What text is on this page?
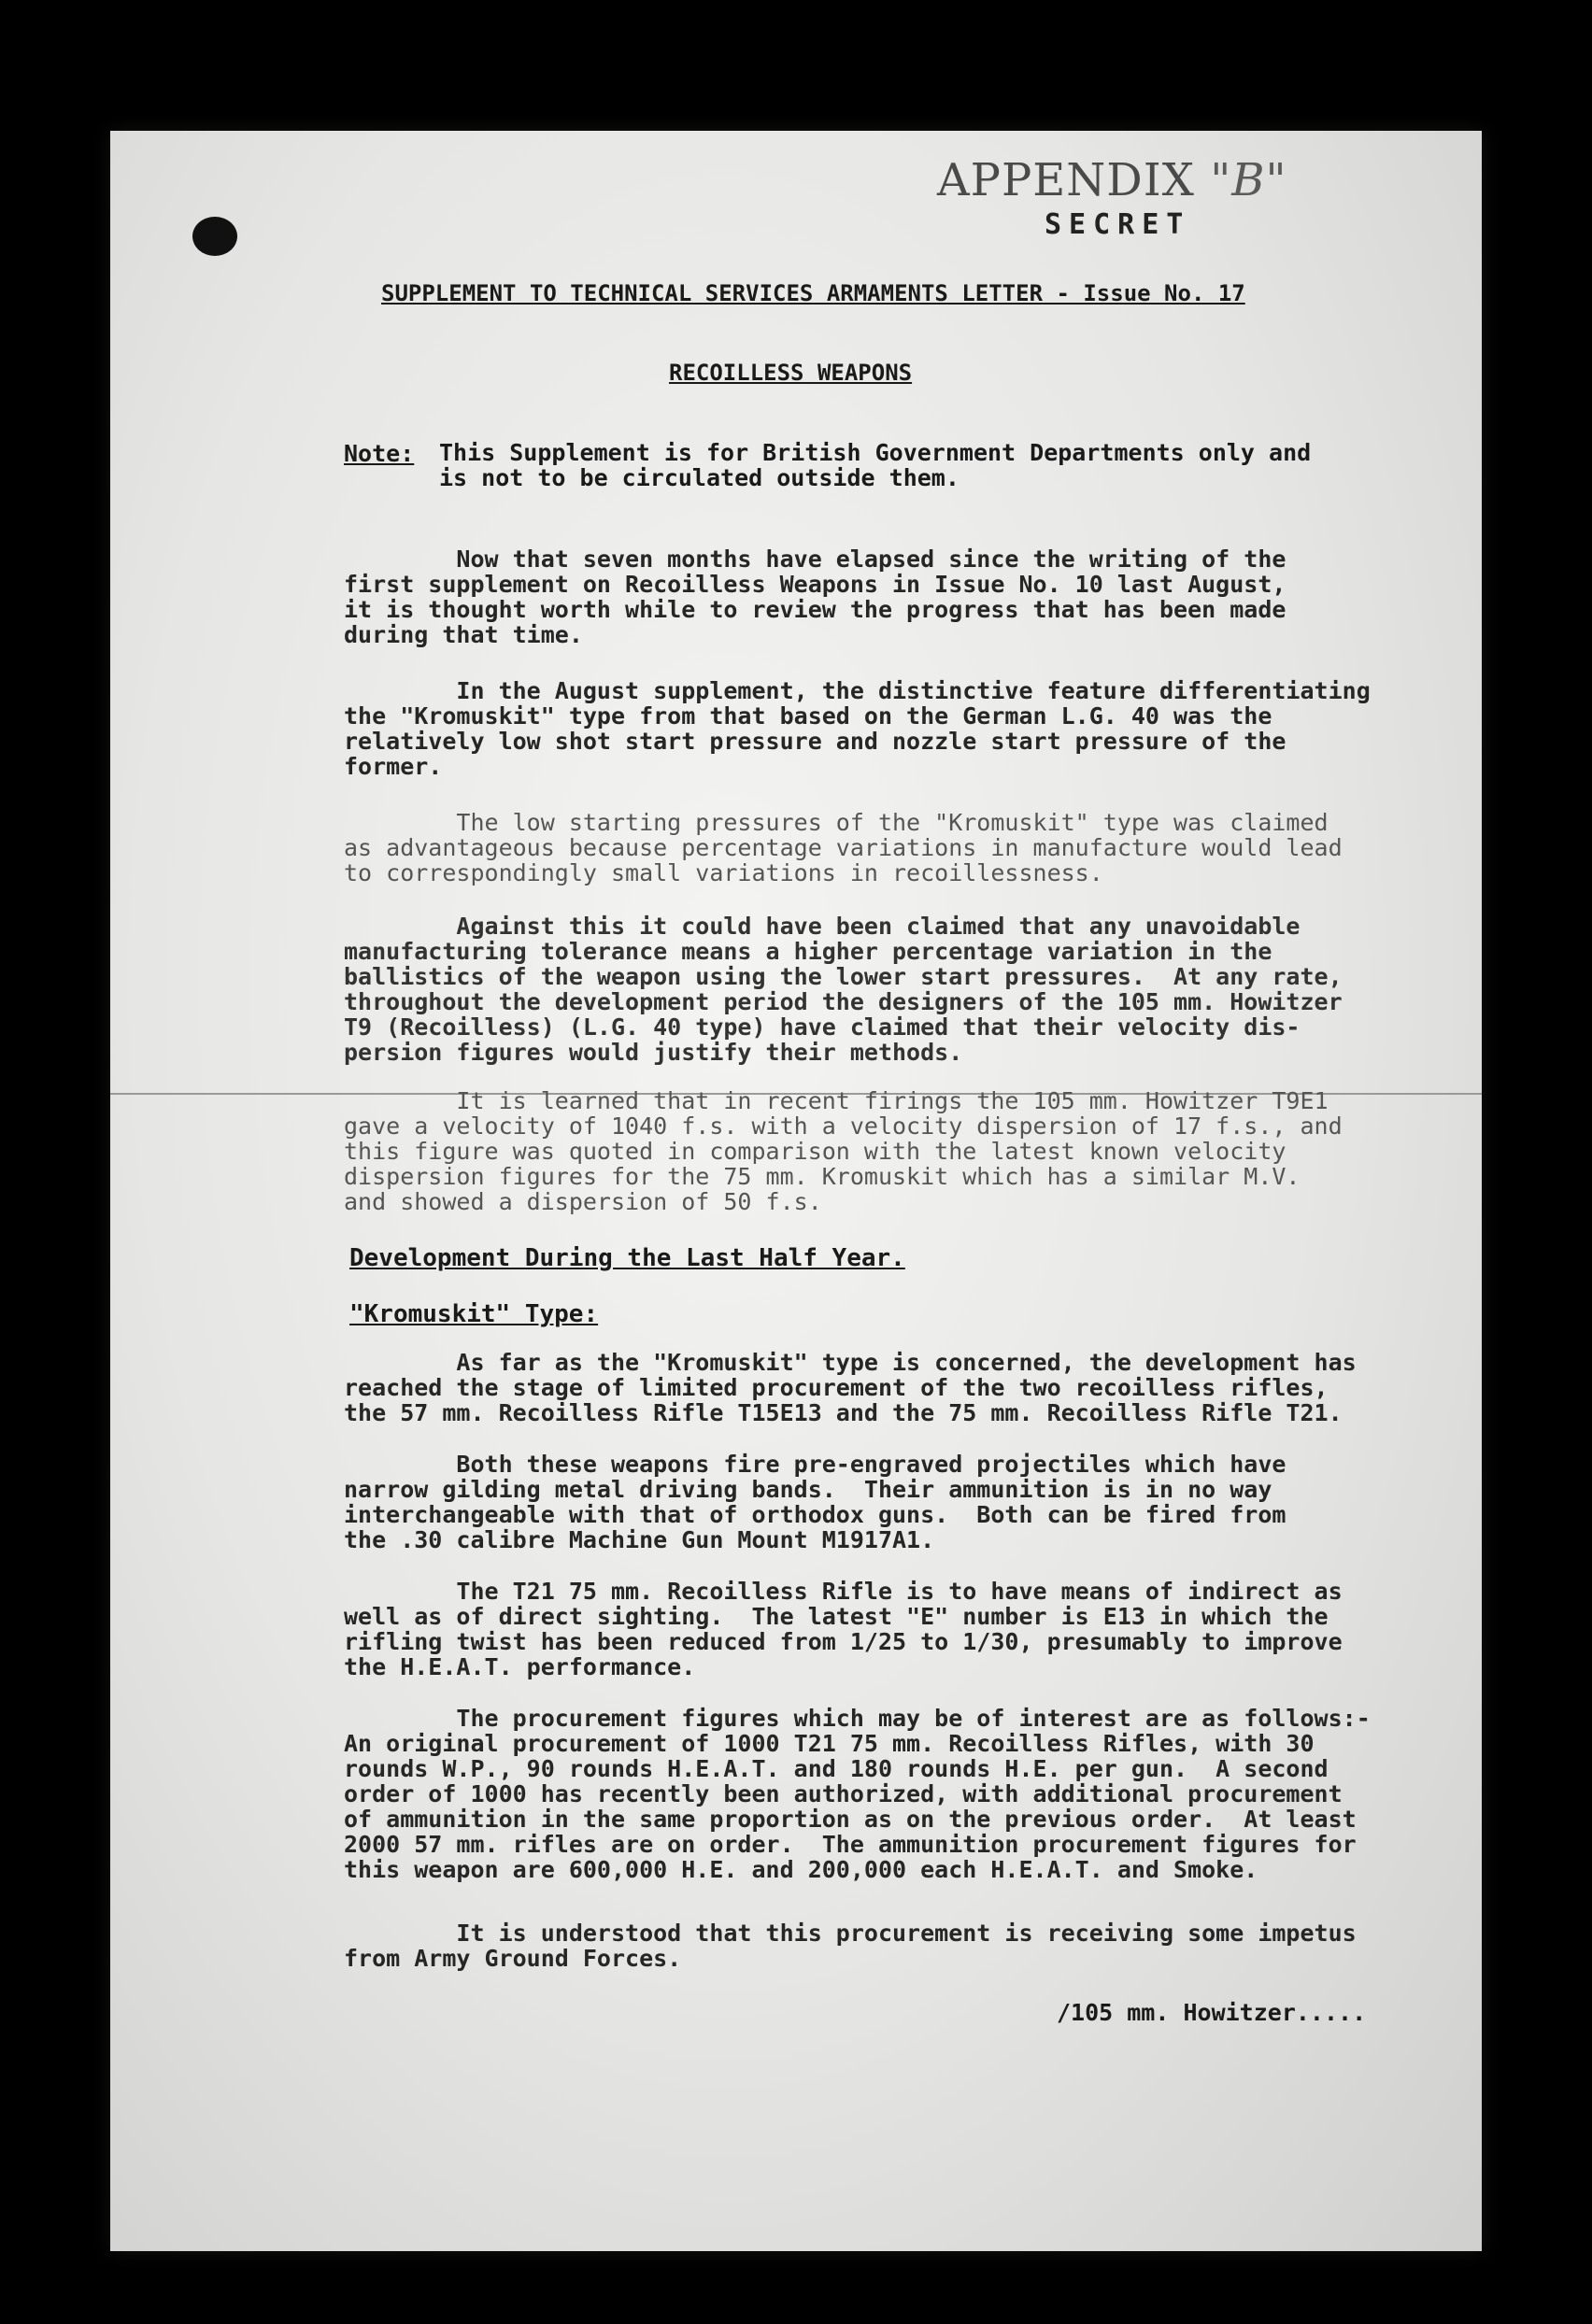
APPENDIX "B"
SECRET
SUPPLEMENT TO TECHNICAL SERVICES ARMAMENTS LETTER - Issue No. 17
RECOILLESS WEAPONS
Note: This Supplement is for British Government Departments only and
is not to be circulated outside them.
Now that seven months have elapsed since the writing of the
first supplement on Recoilless Weapons in Issue No. 10 last August,
it is thought worth while to review the progress that has been made
during that time.
In the August supplement, the distinctive feature differentiating
the "Kromuskit" type from that based on the German L.G. 40 was the
relatively low shot start pressure and nozzle start pressure of the
former.
The low starting pressures of the "Kromuskit" type was claimed
as advantageous because percentage variations in manufacture would lead
to correspondingly small variations in recoillessness.
Against this it could have been claimed that any unavoidable
manufacturing tolerance means a higher percentage variation in the
ballistics of the weapon using the lower start pressures.  At any rate,
throughout the development period the designers of the 105 mm. Howitzer
T9 (Recoilless) (L.G. 40 type) have claimed that their velocity dis-
persion figures would justify their methods.
It is learned that in recent firings the 105 mm. Howitzer T9E1
gave a velocity of 1040 f.s. with a velocity dispersion of 17 f.s., and
this figure was quoted in comparison with the latest known velocity
dispersion figures for the 75 mm. Kromuskit which has a similar M.V.
and showed a dispersion of 50 f.s.
Development During the Last Half Year.
"Kromuskit" Type:
As far as the "Kromuskit" type is concerned, the development has
reached the stage of limited procurement of the two recoilless rifles,
the 57 mm. Recoilless Rifle T15E13 and the 75 mm. Recoilless Rifle T21.
Both these weapons fire pre-engraved projectiles which have
narrow gilding metal driving bands.  Their ammunition is in no way
interchangeable with that of orthodox guns.  Both can be fired from
the .30 calibre Machine Gun Mount M1917A1.
The T21 75 mm. Recoilless Rifle is to have means of indirect as
well as of direct sighting.  The latest "E" number is E13 in which the
rifling twist has been reduced from 1/25 to 1/30, presumably to improve
the H.E.A.T. performance.
The procurement figures which may be of interest are as follows:-
An original procurement of 1000 T21 75 mm. Recoilless Rifles, with 30
rounds W.P., 90 rounds H.E.A.T. and 180 rounds H.E. per gun.  A second
order of 1000 has recently been authorized, with additional procurement
of ammunition in the same proportion as on the previous order.  At least
2000 57 mm. rifles are on order.  The ammunition procurement figures for
this weapon are 600,000 H.E. and 200,000 each H.E.A.T. and Smoke.
It is understood that this procurement is receiving some impetus
from Army Ground Forces.
/105 mm. Howitzer.....
